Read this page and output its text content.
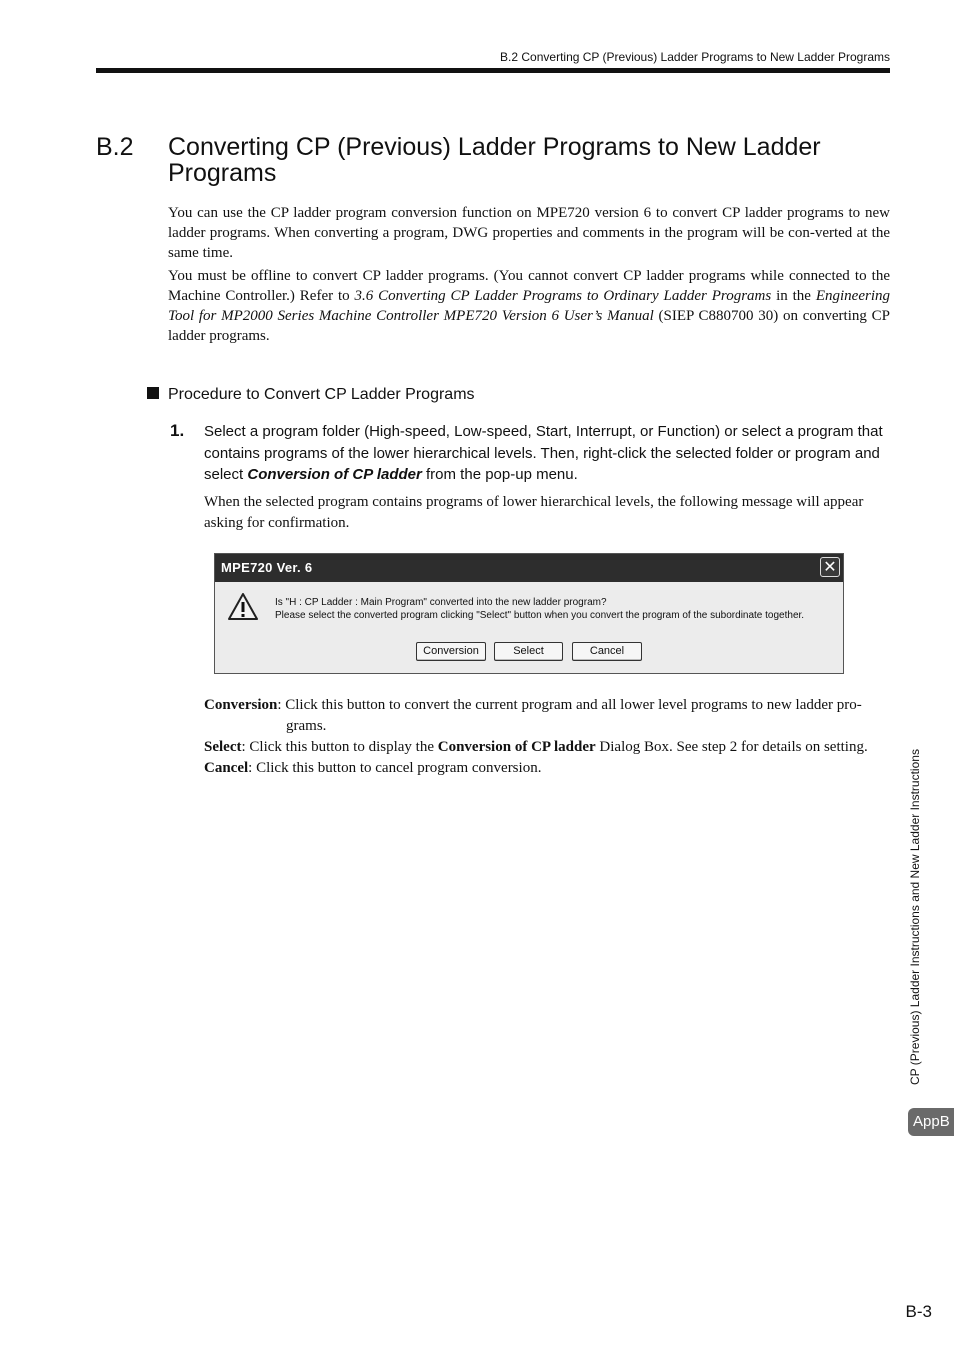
B.2 Converting CP (Previous) Ladder Programs to New Ladder Programs
B.2 Converting CP (Previous) Ladder Programs to New Ladder Programs

You can use the CP ladder program conversion function on MPE720 version 6 to convert CP ladder programs to new ladder programs. When converting a program, DWG properties and comments in the program will be con-verted at the same time.

You must be offline to convert CP ladder programs. (You cannot convert CP ladder programs while connected to the Machine Controller.) Refer to 3.6 Converting CP Ladder Programs to Ordinary Ladder Programs in the Engineering Tool for MP2000 Series Machine Controller MPE720 Version 6 User’s Manual (SIEP C880700 30) on converting CP ladder programs.

Procedure to Convert CP Ladder Programs
1. Select a program folder (High-speed, Low-speed, Start, Interrupt, or Function) or select a program that contains programs of the lower hierarchical levels. Then, right-click the selected folder or program and select Conversion of CP ladder from the pop-up menu.

When the selected program contains programs of lower hierarchical levels, the following message will appear asking for confirmation.

MPE720 Ver. 6	✕
Is "H : CP Ladder : Main Program" converted into the new ladder program?
Please select the converted program clicking "Select" button when you convert the program of the subordinate together.
Conversion	Select	Cancel

Conversion: Click this button to convert the current program and all lower level programs to new ladder pro-
grams.

Select: Click this button to display the Conversion of CP ladder Dialog Box. See step 2 for details on setting.

Cancel: Click this button to cancel program conversion.	CP (Previous) Ladder Instructions and New Ladder Instructions
AppB
B-3
